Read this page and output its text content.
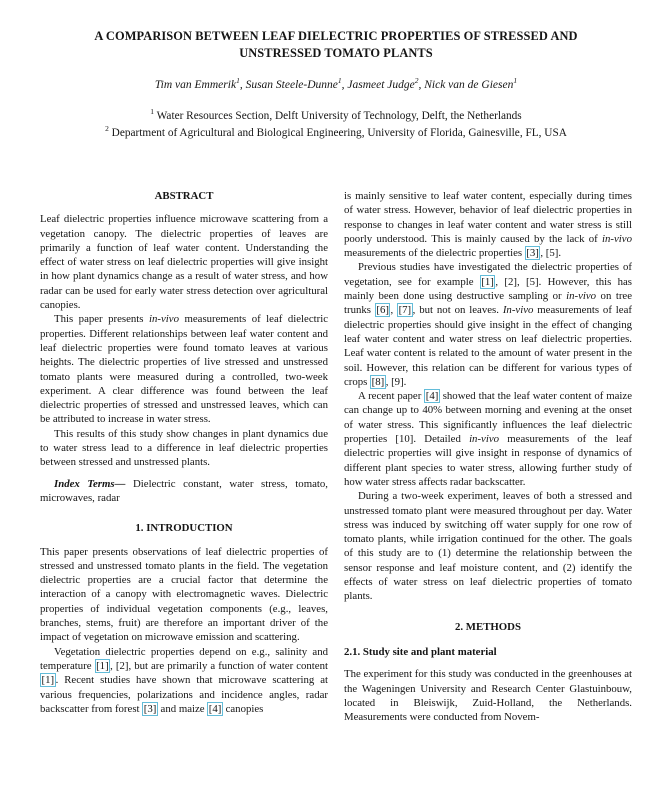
A COMPARISON BETWEEN LEAF DIELECTRIC PROPERTIES OF STRESSED AND
UNSTRESSED TOMATO PLANTS
Tim van Emmerik$^1$, Susan Steele-Dunne$^1$, Jasmeet Judge$^2$, Nick van de Giesen$^1$
$^1$ Water Resources Section, Delft University of Technology, Delft, the Netherlands
$^2$ Department of Agricultural and Biological Engineering, University of Florida, Gainesville, FL, USA
ABSTRACT

Leaf dielectric properties influence microwave scattering from a vegetation canopy. The dielectric properties of leaves are primarily a function of leaf water content. Understanding the effect of water stress on leaf dielectric properties will give insight in how plant dynamics change as a result of water stress, and how radar can be used for early water stress detection over agricultural canopies.

This paper presents in-vivo measurements of leaf dielectric properties. Different relationships between leaf water content and leaf dielectric properties were found tomato leaves at various heights. The dielectric properties of live stressed and unstressed tomato plants were measured during a controlled, two-week experiment. A clear difference was found between the leaf dielectric properties of stressed and unstressed leaves, which can be attributed to increase in water stress.

This results of this study show changes in plant dynamics due to water stress lead to a difference in leaf dielectric properties between stressed and unstressed plants.

Index Terms— Dielectric constant, water stress, tomato, microwaves, radar

1. INTRODUCTION

This paper presents observations of leaf dielectric properties of stressed and unstressed tomato plants in the field. The vegetation dielectric properties are a crucial factor that determine the interaction of a canopy with electromagnetic waves. Dielectric properties of individual vegetation components (e.g., leaves, branches, stems, fruit) are therefore an important driver of the impact of vegetation on microwave emission and scattering.

Vegetation dielectric properties depend on e.g., salinity and temperature [1] , [2], but are primarily a function of water content [1] . Recent studies have shown that microwave scattering at various frequencies, polarizations and incidence angles, radar backscatter from forest [3] and maize [4] canopies

is mainly sensitive to leaf water content, especially during times of water stress. However, behavior of leaf dielectric properties in response to changes in leaf water content and water stress is still poorly understood. This is mainly caused by the lack of in-vivo measurements of the dielectric properties [3] , [5].

Previous studies have investigated the dielectric properties of vegetation, see for example [1] , [2], [5]. However, this has mainly been done using destructive sampling or in-vivo on tree trunks [6] , [7] , but not on leaves. In-vivo measurements of leaf dielectric properties should give insight in the effect of changing leaf water content and water stress on leaf dielectric properties. Leaf water content is related to the amount of water present in the soil. However, this relation can be different for various types of crops [8] , [9].

A recent paper [4] showed that the leaf water content of maize can change up to 40% between morning and evening at the onset of water stress. This significantly influences the leaf dielectric properties [10]. Detailed in-vivo measurements of the leaf dielectric properties will give insight in response of dynamics of different plant species to water stress, allowing further study of how water stress affects radar backscatter.

During a two-week experiment, leaves of both a stressed and unstressed tomato plant were measured throughout per day. Water stress was induced by switching off water supply for one row of tomato plants, while irrigation continued for the other. The goals of this study are to (1) determine the relationship between the sensor response and leaf moisture content, and (2) identify the effects of water stress on leaf dielectric properties of tomato plants.

2. METHODS
2.1. Study site and plant material

The experiment for this study was conducted in the greenhouses at the Wageningen University and Research Center Glastuinbouw, located in Bleiswijk, Zuid-Holland, the Netherlands. Measurements were conducted from Novem-
